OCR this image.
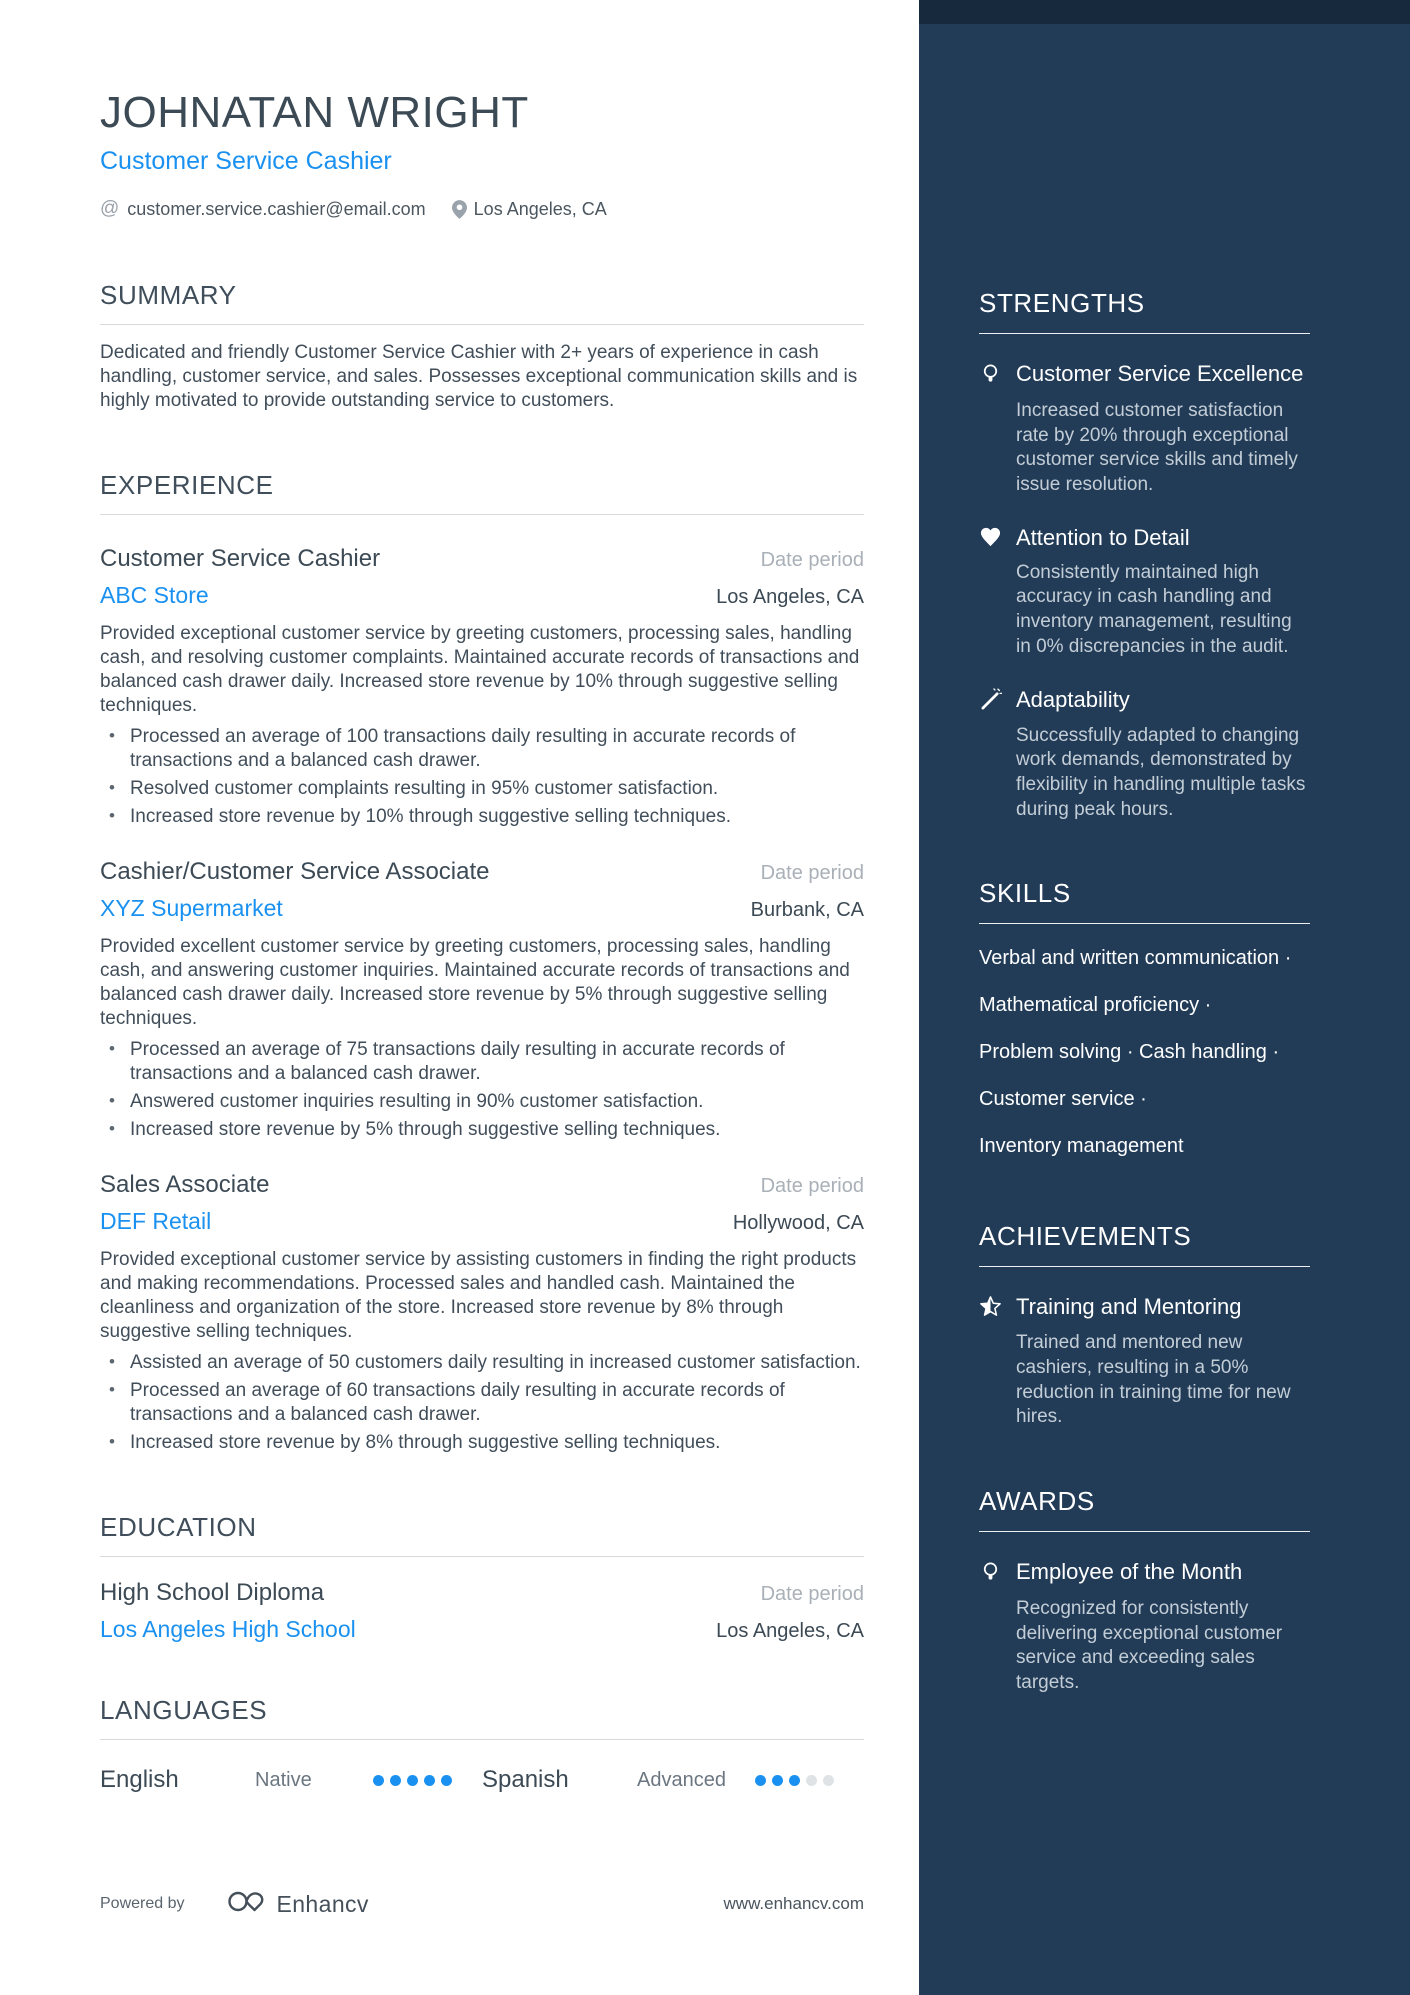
JOHNATAN WRIGHT
Customer Service Cashier
@ customer.service.cashier@email.com	Los Angeles, CA
SUMMARY
Dedicated and friendly Customer Service Cashier with 2+ years of experience in cash handling, customer service, and sales. Possesses exceptional communication skills and is highly motivated to provide outstanding service to customers.
EXPERIENCE
Customer Service Cashier	Date period
ABC Store	Los Angeles, CA
Provided exceptional customer service by greeting customers, processing sales, handling cash, and resolving customer complaints. Maintained accurate records of transactions and balanced cash drawer daily. Increased store revenue by 10% through suggestive selling techniques.
• Processed an average of 100 transactions daily resulting in accurate records of transactions and a balanced cash drawer.
• Resolved customer complaints resulting in 95% customer satisfaction.
• Increased store revenue by 10% through suggestive selling techniques.
Cashier/Customer Service Associate	Date period
XYZ Supermarket	Burbank, CA
Provided excellent customer service by greeting customers, processing sales, handling cash, and answering customer inquiries. Maintained accurate records of transactions and balanced cash drawer daily. Increased store revenue by 5% through suggestive selling techniques.
• Processed an average of 75 transactions daily resulting in accurate records of transactions and a balanced cash drawer.
• Answered customer inquiries resulting in 90% customer satisfaction.
• Increased store revenue by 5% through suggestive selling techniques.
Sales Associate	Date period
DEF Retail	Hollywood, CA
Provided exceptional customer service by assisting customers in finding the right products and making recommendations. Processed sales and handled cash. Maintained the cleanliness and organization of the store. Increased store revenue by 8% through suggestive selling techniques.
• Assisted an average of 50 customers daily resulting in increased customer satisfaction.
• Processed an average of 60 transactions daily resulting in accurate records of transactions and a balanced cash drawer.
• Increased store revenue by 8% through suggestive selling techniques.
EDUCATION
High School Diploma	Date period
Los Angeles High School	Los Angeles, CA
LANGUAGES
English	Native	Spanish	Advanced
Powered by	Enhancv	www.enhancv.com
STRENGTHS
Customer Service Excellence
Increased customer satisfaction rate by 20% through exceptional customer service skills and timely issue resolution.
Attention to Detail
Consistently maintained high accuracy in cash handling and inventory management, resulting in 0% discrepancies in the audit.
Adaptability
Successfully adapted to changing work demands, demonstrated by flexibility in handling multiple tasks during peak hours.
SKILLS
Verbal and written communication ·
Mathematical proficiency ·
Problem solving · Cash handling ·
Customer service ·
Inventory management
ACHIEVEMENTS
Training and Mentoring
Trained and mentored new cashiers, resulting in a 50% reduction in training time for new hires.
AWARDS
Employee of the Month
Recognized for consistently delivering exceptional customer service and exceeding sales targets.
